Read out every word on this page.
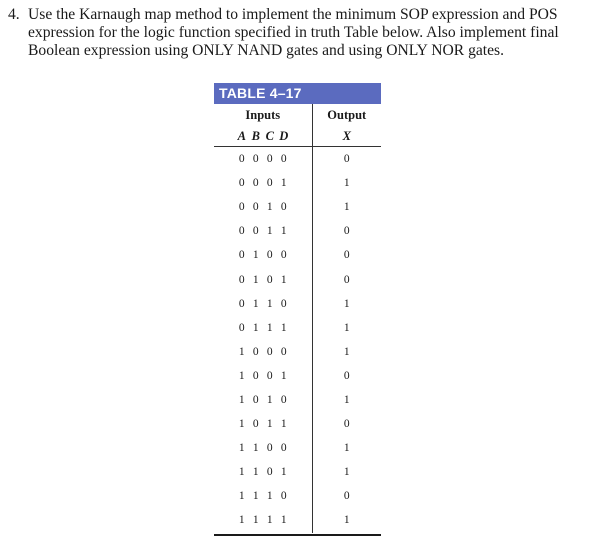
4. Use the Karnaugh map method to implement the minimum SOP expression and POS expression for the logic function specified in truth Table below. Also implement final Boolean expression using ONLY NAND gates and using ONLY NOR gates.
TABLE 4–17
Inputs	Output
A B C D	X
0 0 0 0	0
0 0 0 1	1
0 0 1 0	1
0 0 1 1	0
0 1 0 0	0
0 1 0 1	0
0 1 1 0	1
0 1 1 1	1
1 0 0 0	1
1 0 0 1	0
1 0 1 0	1
1 0 1 1	0
1 1 0 0	1
1 1 0 1	1
1 1 1 0	0
1 1 1 1	1
